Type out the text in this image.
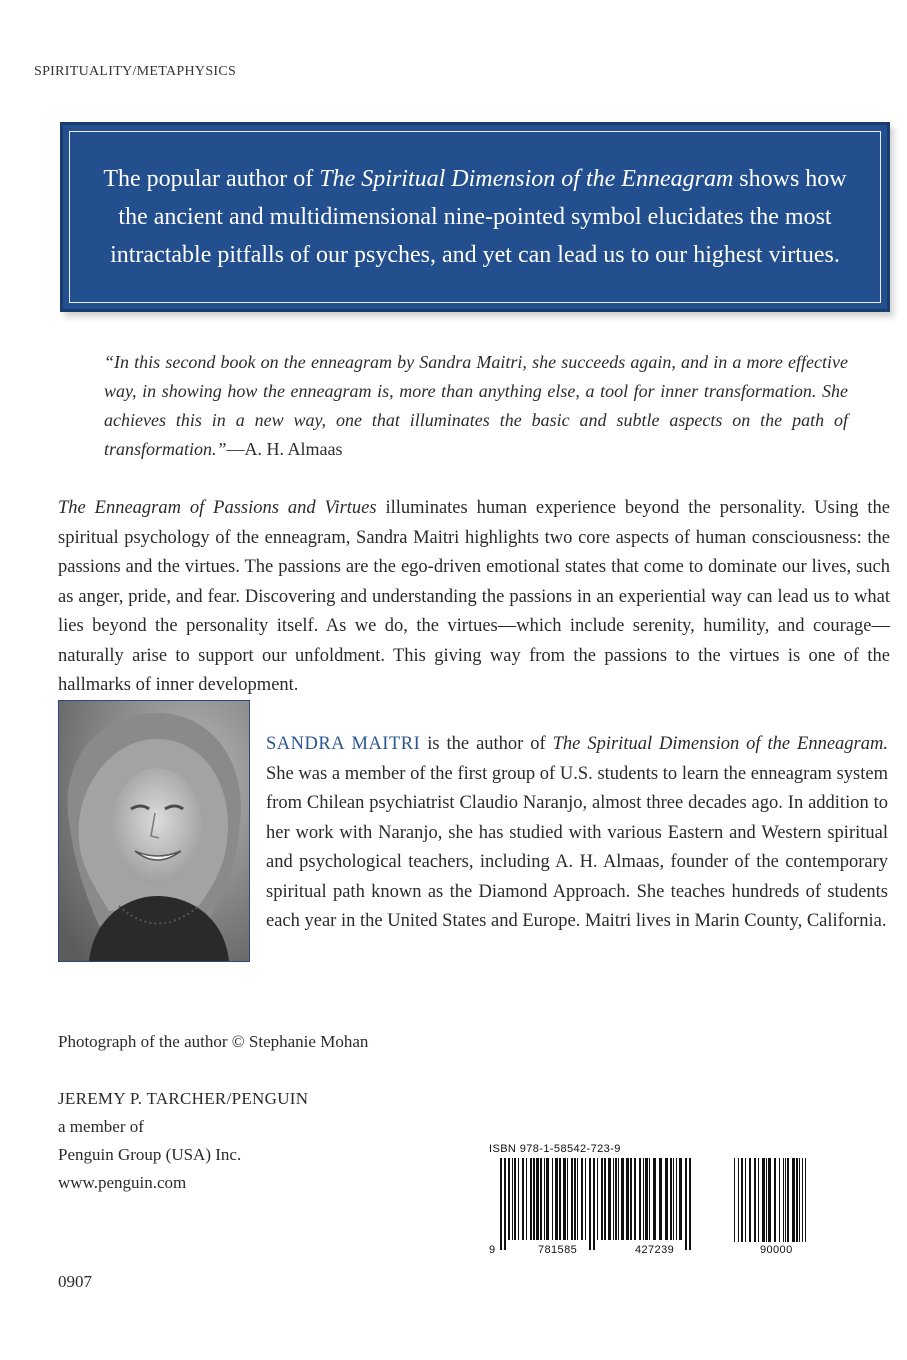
SPIRITUALITY/METAPHYSICS
The popular author of The Spiritual Dimension of the Enneagram shows how the ancient and multidimensional nine-pointed symbol elucidates the most intractable pitfalls of our psyches, and yet can lead us to our highest virtues.
“In this second book on the enneagram by Sandra Maitri, she succeeds again, and in a more effective way, in showing how the enneagram is, more than anything else, a tool for inner transformation. She achieves this in a new way, one that illuminates the basic and subtle aspects on the path of transformation.”—A. H. Almaas
The Enneagram of Passions and Virtues illuminates human experience beyond the personality. Using the spiritual psychology of the enneagram, Sandra Maitri highlights two core aspects of human consciousness: the passions and the virtues. The passions are the ego-driven emotional states that come to dominate our lives, such as anger, pride, and fear. Discovering and understanding the passions in an experiential way can lead us to what lies beyond the personality itself. As we do, the virtues—which include serenity, humility, and courage—naturally arise to support our unfoldment. This giving way from the passions to the virtues is one of the hallmarks of inner development.
SANDRA MAITRI is the author of The Spiritual Dimension of the Enneagram. She was a member of the first group of U.S. students to learn the enneagram system from Chilean psychiatrist Claudio Naranjo, almost three decades ago. In addition to her work with Naranjo, she has studied with various Eastern and Western spiritual and psychological teachers, including A. H. Almaas, founder of the contemporary spiritual path known as the Diamond Approach. She teaches hundreds of students each year in the United States and Europe. Maitri lives in Marin County, California.
Photograph of the author © Stephanie Mohan
JEREMY P. TARCHER/PENGUIN
a member of
Penguin Group (USA) Inc.
www.penguin.com
0907
ISBN 978-1-58542-723-9
9	781585	427239	90000
